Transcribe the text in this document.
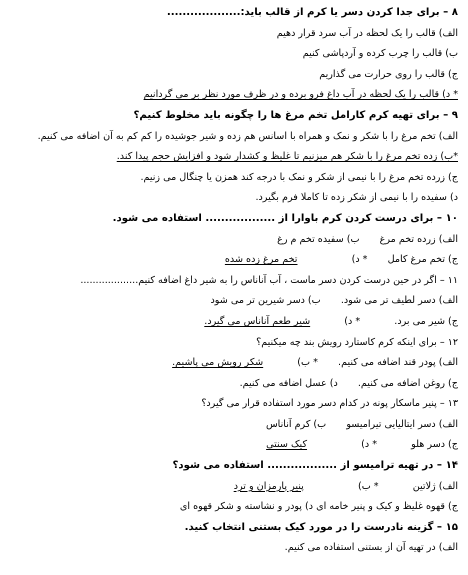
۸ – برای جدا کردن دسر یا کرم از قالب باید:...................
الف) قالب را یک لحظه در آب سرد قرار دهیم
ب) قالب را چرب کرده و آردپاشی کنیم
ج) قالب را روی حرارت می گذاریم
* د) قالب را یک لحظه در آب داغ فرو برده و در ظرف مورد نظر بر می گردانیم
۹ – برای تهیه کرم کارامل تخم مرغ ها را چگونه باید مخلوط کنیم؟
الف) تخم مرغ را با شکر و نمک و همراه با اسانس هم زده و شیر جوشیده را کم کم به آن اضافه می کنیم.
*ب) زده تخم مرغ را با شکر هم میزنیم تا غلیظ و کشدار شود و افزایش حجم پیدا کند.
ج) زرده تخم مرغ را با نیمی از شکر و نمک با درجه کند همزن یا چنگال می زنیم.
د) سفیده را با نیمی از شکر زده تا کاملا فرم بگیرد.
۱۰ – برای درست کردن کرم باوارا از .................. استفاده می شود.
الف) زرده تخم مرغ  ب) سفیده تخم م رغ
ج) تخم مرغ کامل  * د)  تخم مرغ زده شده
۱۱ – اگر در حین درست کردن دسر ماست ، آب آناناس را به شیر داغ اضافه کنیم...................
الف) دسر لطیف تر می شود.  ب) دسر شیرین تر می شود
ج) شیر می برد.  * د)  شیر طعم آناناس می گیرد.
۱۲ – برای اینکه کرم کاستارد رویش بند چه میکنیم؟
الف) پودر قند اضافه می کنیم.  * ب)  شکر رویش می پاشیم.
ج) روغن اضافه می کنیم.  د) عسل اضافه می کنیم.
۱۳ – پنیر ماسکار پونه در کدام دسر مورد استفاده قرار می گیرد؟
الف) دسر ایتالیایی تیرامیسو  ب) کرم آناناس
ج) دسر هلو  * د)  کیک سنتی
۱۴ – در تهیه ترامیسو از .................. استفاده می شود؟
الف) ژلاتین  * ب)  پنیر پارمزان و ترد
ج) قهوه غلیظ و کیک و پنیر خامه ای د) پودر و نشاسته و شکر قهوه ای
۱۵ – گزینه نادرست را در مورد کیک بستنی انتخاب کنید.
الف) در تهیه آن از بستنی استفاده می کنیم.
